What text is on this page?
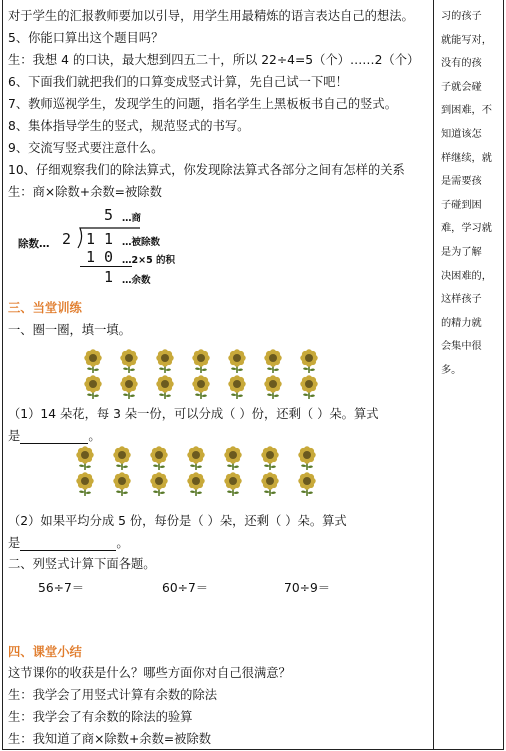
对于学生的汇报教师要加以引导，用学生用最精炼的语言表达自己的想法。
5、你能口算出这个题目吗？
生：我想 4 的口诀，最大想到四五二十，所以 22÷4=5（个）……2（个）
6、下面我们就把我们的口算变成竖式计算，先自己试一下吧！
7、教师巡视学生，发现学生的问题，指名学生上黑板板书自己的竖式。
8、集体指导学生的竖式，规范竖式的书写。
9、交流写竖式要注意什么。
10、仔细观察我们的除法算式，你发现除法算式各部分之间有怎样的关系
生：商×除数+余数=被除数
5 …商
除数… 2 1 1 …被除数
1 0 …2×5 的积
1 …余数
三、当堂训练
一、圈一圈，填一填。
（1）14 朵花，每 3 朵一份，可以分成（ ）份，还剩（ ）朵。算式
是	。
（2）如果平均分成 5 份，每份是（ ）朵，还剩（ ）朵。算式
是	。
二、列竖式计算下面各题。
56÷7＝	60÷7＝	70÷9＝
四、课堂小结
这节课你的收获是什么？哪些方面你对自己很满意？
生：我学会了用竖式计算有余数的除法
生：我学会了有余数的除法的验算
生：我知道了商×除数+余数=被除数
习的孩子
就能写对，
没有的孩
子就会碰
到困难，不
知道该怎
样继续，就
是需要孩
子碰到困
难，学习就
是为了解
决困难的，
这样孩子
的精力就
会集中很
多。
